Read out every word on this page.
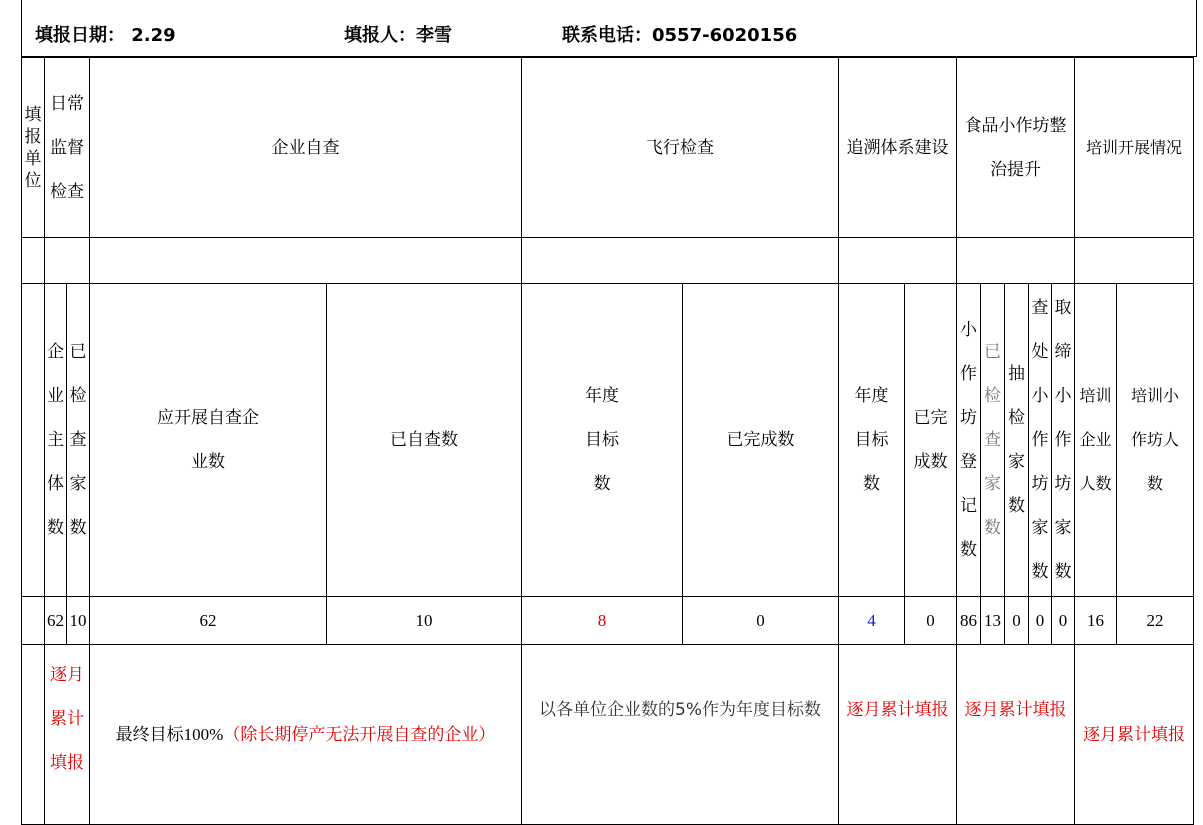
填报日期： 2.29	填报人：李雪	联系电话：0557-6020156
填报单位	日常监督检查		企业自查		飞行检查		追溯体系建设		食品小作坊整治提升					培训开展情况	

	企业主体数	已检查家数	应开展自查企业数	已自查数	年度目标数	已完成数	年度目标数	已完成数	小作坊登记数	已检查家数	抽检家数	查处小作坊家数	取缔小作坊家数	培训企业人数	培训小作坊人数
	62	10	62	10	8	0	4	0	86	13	0	0	0	16	22
	逐月累计填报		最终目标100%（除长期停产无法开展自查的企业）		以各单位企业数的5%作为年度目标数		逐月累计填报		逐月累计填报					逐月累计填报	
